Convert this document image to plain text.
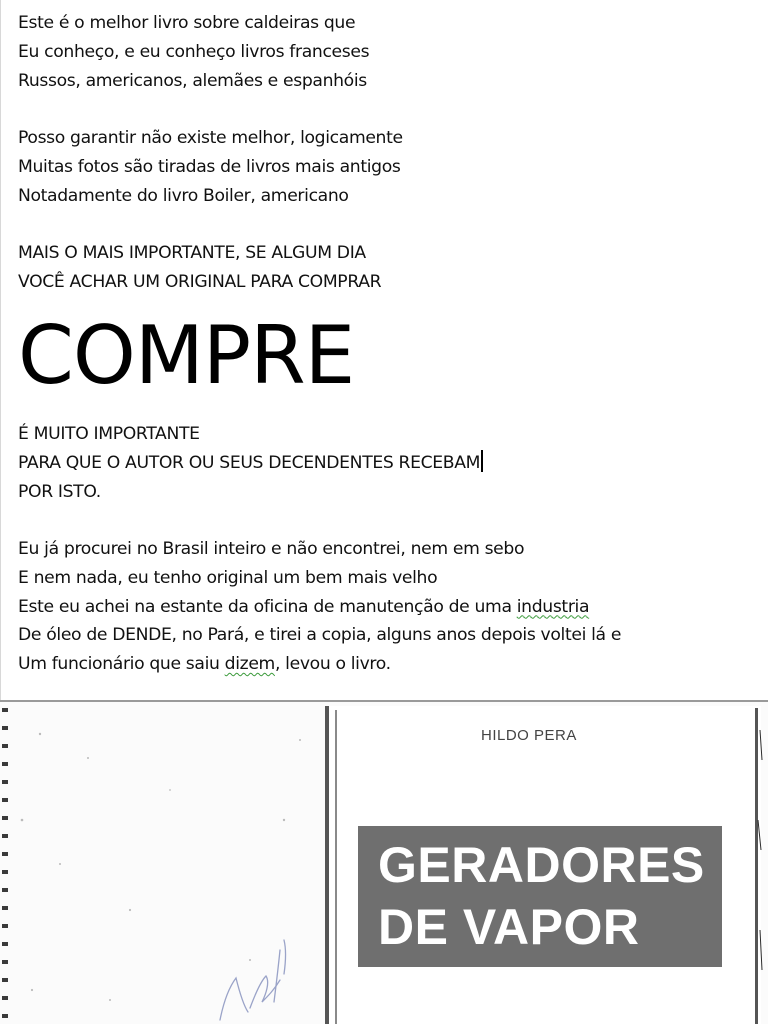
Este é o melhor livro sobre caldeiras que
Eu conheço, e eu conheço livros franceses
Russos, americanos, alemães e espanhóis

Posso garantir não existe melhor, logicamente
Muitas fotos são tiradas de livros mais antigos
Notadamente do livro Boiler, americano

MAIS O MAIS IMPORTANTE, SE ALGUM DIA
VOCÊ ACHAR UM ORIGINAL PARA COMPRAR

COMPRE

É MUITO IMPORTANTE
PARA QUE O AUTOR OU SEUS DECENDENTES RECEBAM
POR ISTO.

Eu já procurei no Brasil inteiro e não encontrei, nem em sebo
E nem nada, eu tenho original um bem mais velho
Este eu achei na estante da oficina de manutenção de uma industria
De óleo de DENDE, no Pará, e tirei a copia, alguns anos depois voltei lá e
Um funcionário que saiu dizem, levou o livro.

HILDO PERA

GERADORES
DE VAPOR
